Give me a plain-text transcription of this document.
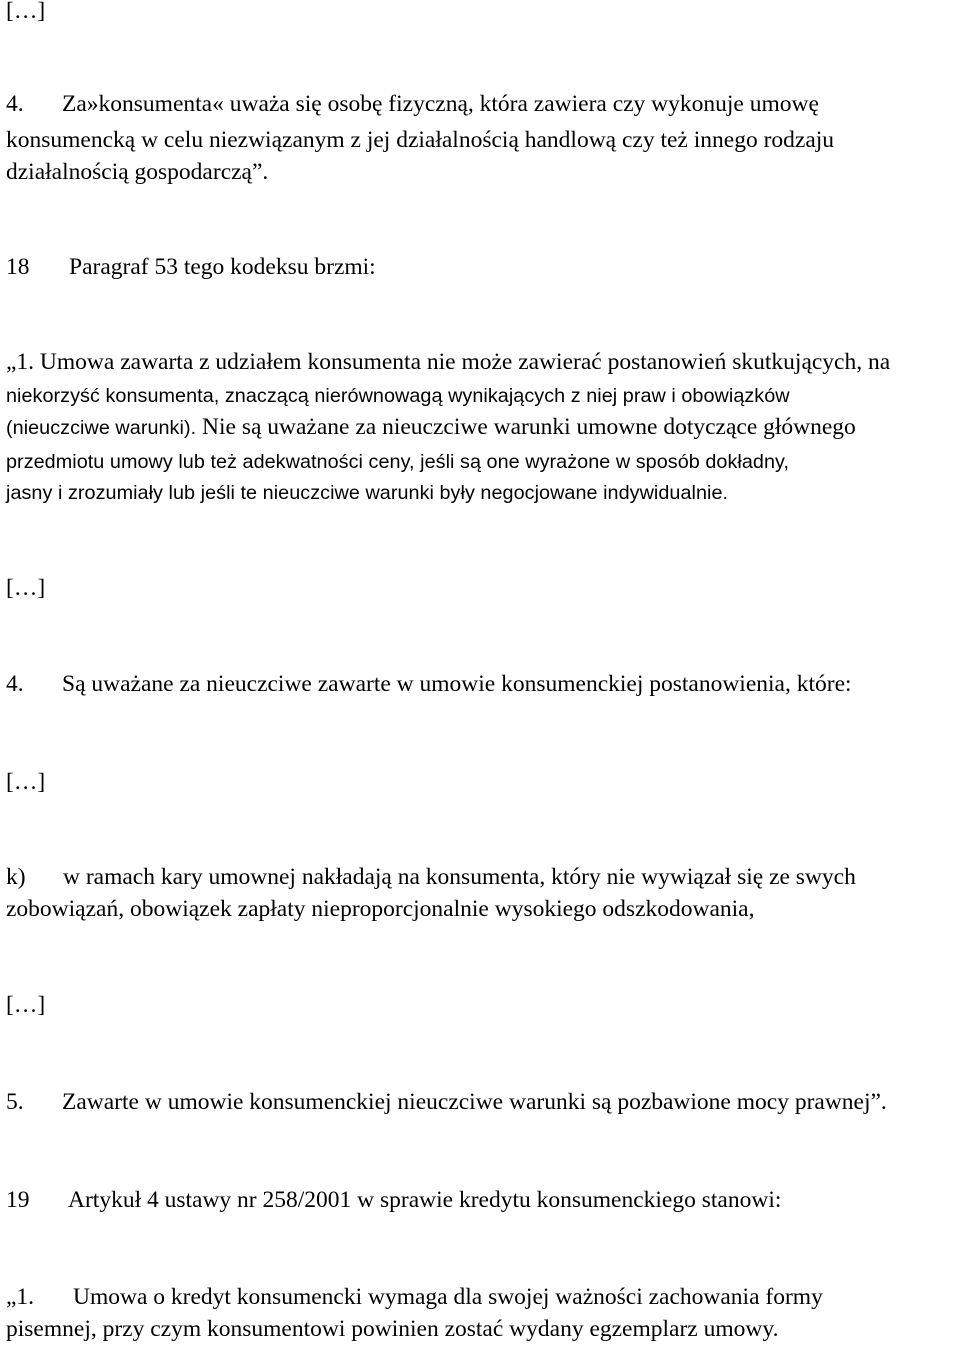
[…]
4. Za»konsumenta« uważa się osobę fizyczną, która zawiera czy wykonuje umowę
konsumencką w celu niezwiązanym z jej działalnością handlową czy też innego rodzaju
działalnością gospodarczą”.
18 Paragraf 53 tego kodeksu brzmi:
„1. Umowa zawarta z udziałem konsumenta nie może zawierać postanowień skutkujących, na
niekorzyść konsumenta, znaczącą nierównowagą wynikających z niej praw i obowiązków
(nieuczciwe warunki). Nie są uważane za nieuczciwe warunki umowne dotyczące głównego
przedmiotu umowy lub też adekwatności ceny, jeśli są one wyrażone w sposób dokładny,
jasny i zrozumiały lub jeśli te nieuczciwe warunki były negocjowane indywidualnie.
[…]
4. Są uważane za nieuczciwe zawarte w umowie konsumenckiej postanowienia, które:
[…]
k) w ramach kary umownej nakładają na konsumenta, który nie wywiązał się ze swych
zobowiązań, obowiązek zapłaty nieproporcjonalnie wysokiego odszkodowania,
[…]
5. Zawarte w umowie konsumenckiej nieuczciwe warunki są pozbawione mocy prawnej”.
19 Artykuł 4 ustawy nr 258/2001 w sprawie kredytu konsumenckiego stanowi:
„1. Umowa o kredyt konsumencki wymaga dla swojej ważności zachowania formy
pisemnej, przy czym konsumentowi powinien zostać wydany egzemplarz umowy.
